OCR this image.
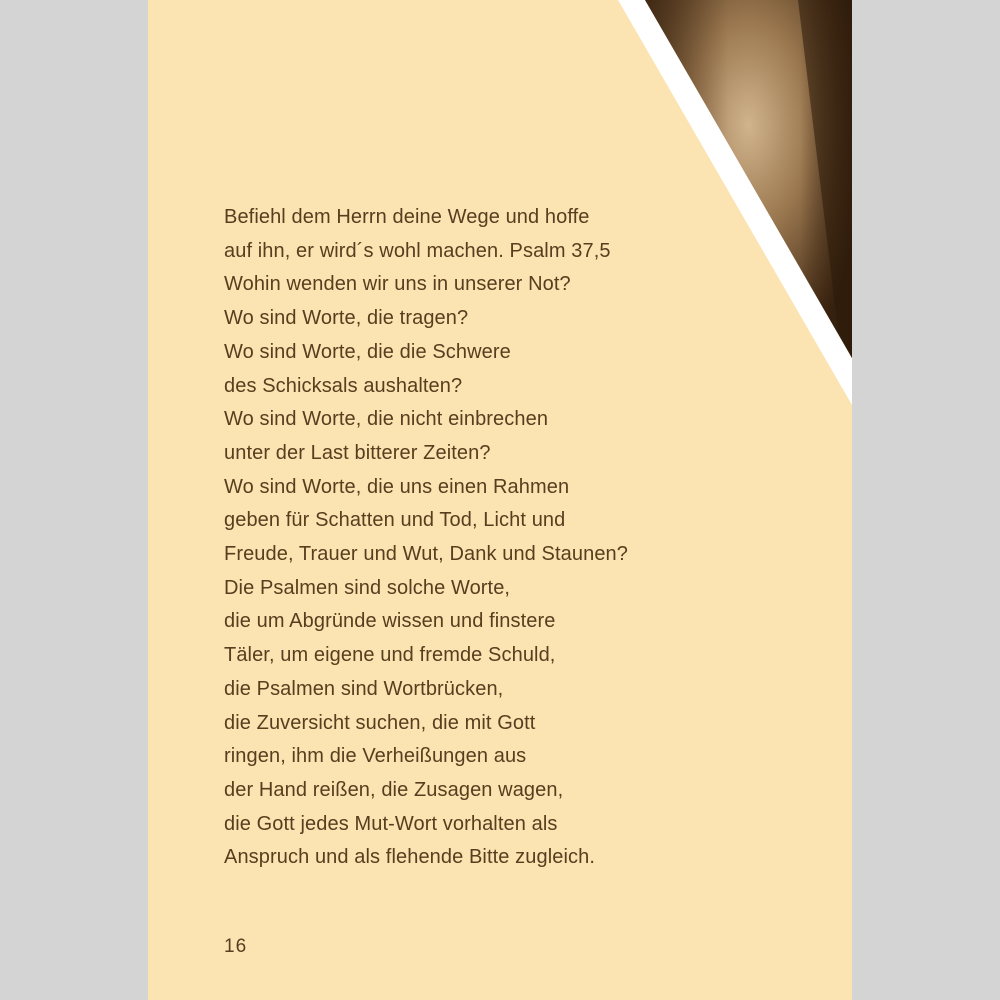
Befiehl dem Herrn deine Wege und hoffe
auf ihn, er wird´s wohl machen. Psalm 37,5

Wohin wenden wir uns in unserer Not?
Wo sind Worte, die tragen?
Wo sind Worte, die die Schwere
des Schicksals aushalten?
Wo sind Worte, die nicht einbrechen
unter der Last bitterer Zeiten?
Wo sind Worte, die uns einen Rahmen
geben für Schatten und Tod, Licht und
Freude, Trauer und Wut, Dank und Staunen?

Die Psalmen sind solche Worte,
die um Abgründe wissen und finstere
Täler, um eigene und fremde Schuld,
die Psalmen sind Wortbrücken,
die Zuversicht suchen, die mit Gott
ringen, ihm die Verheißungen aus
der Hand reißen, die Zusagen wagen,
die Gott jedes Mut-Wort vorhalten als
Anspruch und als flehende Bitte zugleich.

16
